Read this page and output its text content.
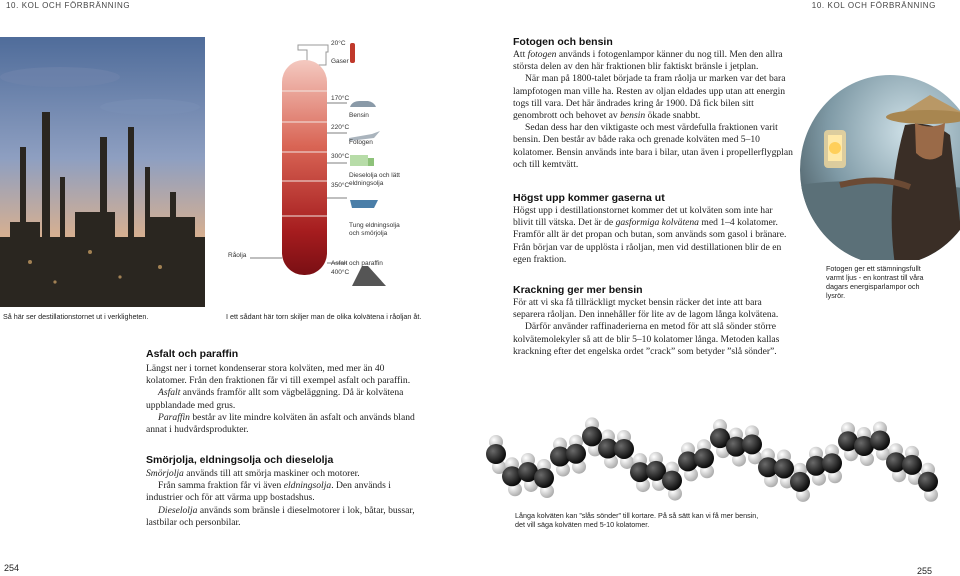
10. KOL OCH FÖRBRÄNNING	10. KOL OCH FÖRBRÄNNING
Så här ser destillationstornet ut i verkligheten.
20°C
Gaser
170°C
Bensin
220°C
Fotogen
300°C
Dieselolja och lätt eldningsolja
350°C
Tung eldningsolja och smörjolja
Råolja
Asfalt och paraffin
400°C
I ett sådant här torn skiljer man de olika kolvätena i råoljan åt.
Asfalt och paraffin

Längst ner i tornet kondenserar stora kolväten, med mer än 40 kolatomer. Från den fraktionen får vi till exempel asfalt och paraffin.

Asfalt används framför allt som vägbeläggning. Då är kolvätena uppblandade med grus.

Paraffin består av lite mindre kolväten än asfalt och används bland annat i hudvårdsprodukter.

Smörjolja, eldningsolja och dieselolja

Smörjolja används till att smörja maskiner och motorer.

Från samma fraktion får vi även eldningsolja. Den används i industrier och för att värma upp bostadshus.

Dieselolja används som bränsle i dieselmotorer i lok, båtar, bussar, lastbilar och personbilar.

254
Fotogen och bensin

Att fotogen används i fotogenlampor känner du nog till. Men den allra största delen av den här fraktionen blir faktiskt bränsle i jetplan.

När man på 1800-talet började ta fram råolja ur marken var det bara lampfotogen man ville ha. Resten av oljan eldades upp utan att energin togs till vara. Det här ändrades kring år 1900. Då fick bilen sitt genombrott och behovet av bensin ökade snabbt.

Sedan dess har den viktigaste och mest värdefulla fraktionen varit bensin. Den består av både raka och grenade kolväten med 5–10 kolatomer. Bensin används inte bara i bilar, utan även i propellerflygplan och till kemtvätt.

Högst upp kommer gaserna ut

Högst upp i destillationstornet kommer det ut kolväten som inte har blivit till vätska. Det är de gasformiga kolvätena med 1–4 kolatomer. Framför allt är det propan och butan, som används som gasol i bränare. Från början var de upplösta i råoljan, men vid destillationen blir de en egen fraktion.

Krackning ger mer bensin

För att vi ska få tillräckligt mycket bensin räcker det inte att bara separera råoljan. Den innehåller för lite av de lagom långa kolvätena.

Därför använder raffinaderierna en metod för att slå sönder större kolvätemolekyler så att de blir 5–10 kolatomer långa. Metoden kallas krackning efter det engelska ordet ”crack” som betyder ”slå sönder”.

Fotogen ger ett stämningsfullt varmt ljus - en kontrast till våra dagars energisparlampor och lysrör.
Långa kolväten kan ”slås sönder” till kortare. På så sätt kan vi få mer bensin, det vill säga kolväten med 5-10 kolatomer.
255
